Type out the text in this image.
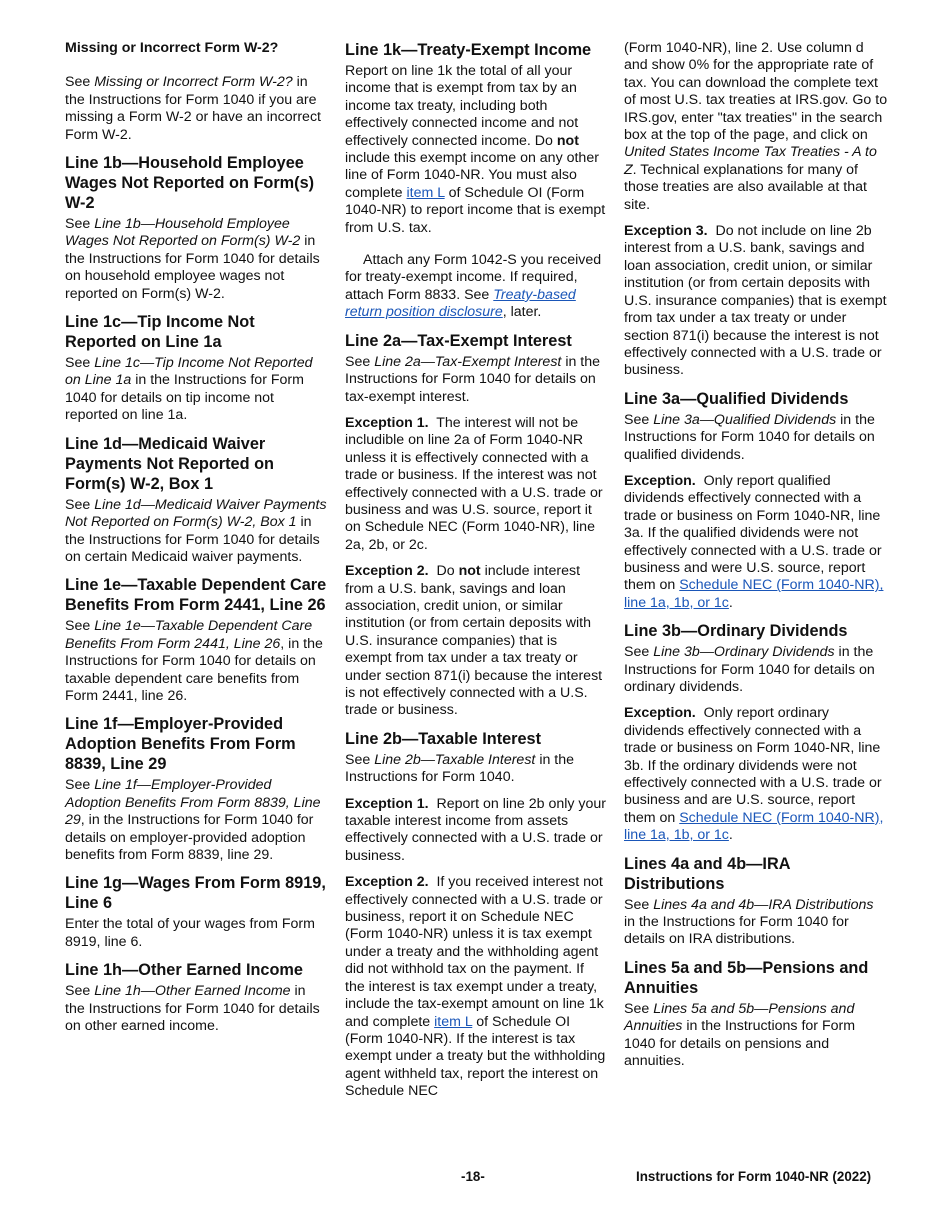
Missing or Incorrect Form W-2?

See Missing or Incorrect Form W-2? in the Instructions for Form 1040 if you are missing a Form W-2 or have an incorrect Form W-2.

Line 1b—Household Employee Wages Not Reported on Form(s) W-2

See Line 1b—Household Employee Wages Not Reported on Form(s) W-2 in the Instructions for Form 1040 for details on household employee wages not reported on Form(s) W-2.

Line 1c—Tip Income Not Reported on Line 1a

See Line 1c—Tip Income Not Reported on Line 1a in the Instructions for Form 1040 for details on tip income not reported on line 1a.

Line 1d—Medicaid Waiver Payments Not Reported on Form(s) W-2, Box 1

See Line 1d—Medicaid Waiver Payments Not Reported on Form(s) W-2, Box 1 in the Instructions for Form 1040 for details on certain Medicaid waiver payments.

Line 1e—Taxable Dependent Care Benefits From Form 2441, Line 26

See Line 1e—Taxable Dependent Care Benefits From Form 2441, Line 26, in the Instructions for Form 1040 for details on taxable dependent care benefits from Form 2441, line 26.

Line 1f—Employer-Provided Adoption Benefits From Form 8839, Line 29

See Line 1f—Employer-Provided Adoption Benefits From Form 8839, Line 29, in the Instructions for Form 1040 for details on employer-provided adoption benefits from Form 8839, line 29.

Line 1g—Wages From Form 8919, Line 6

Enter the total of your wages from Form 8919, line 6.

Line 1h—Other Earned Income

See Line 1h—Other Earned Income in the Instructions for Form 1040 for details on other earned income.

Line 1k—Treaty-Exempt Income

Report on line 1k the total of all your income that is exempt from tax by an income tax treaty, including both effectively connected income and not effectively connected income. Do not include this exempt income on any other line of Form 1040-NR. You must also complete item L of Schedule OI (Form 1040-NR) to report income that is exempt from U.S. tax.

Attach any Form 1042-S you received for treaty-exempt income. If required, attach Form 8833. See Treaty-based return position disclosure, later.

Line 2a—Tax-Exempt Interest

See Line 2a—Tax-Exempt Interest in the Instructions for Form 1040 for details on tax-exempt interest.

Exception 1. The interest will not be includible on line 2a of Form 1040-NR unless it is effectively connected with a trade or business. If the interest was not effectively connected with a U.S. trade or business and was U.S. source, report it on Schedule NEC (Form 1040-NR), line 2a, 2b, or 2c.

Exception 2. Do not include interest from a U.S. bank, savings and loan association, credit union, or similar institution (or from certain deposits with U.S. insurance companies) that is exempt from tax under a tax treaty or under section 871(i) because the interest is not effectively connected with a U.S. trade or business.

Line 2b—Taxable Interest

See Line 2b—Taxable Interest in the Instructions for Form 1040.

Exception 1. Report on line 2b only your taxable interest income from assets effectively connected with a U.S. trade or business.

Exception 2. If you received interest not effectively connected with a U.S. trade or business, report it on Schedule NEC (Form 1040-NR) unless it is tax exempt under a treaty and the withholding agent did not withhold tax on the payment. If the interest is tax exempt under a treaty, include the tax-exempt amount on line 1k and complete item L of Schedule OI (Form 1040-NR). If the interest is tax exempt under a treaty but the withholding agent withheld tax, report the interest on Schedule NEC

(Form 1040-NR), line 2. Use column d and show 0% for the appropriate rate of tax. You can download the complete text of most U.S. tax treaties at IRS.gov. Go to IRS.gov, enter "tax treaties" in the search box at the top of the page, and click on United States Income Tax Treaties - A to Z. Technical explanations for many of those treaties are also available at that site.

Exception 3. Do not include on line 2b interest from a U.S. bank, savings and loan association, credit union, or similar institution (or from certain deposits with U.S. insurance companies) that is exempt from tax under a tax treaty or under section 871(i) because the interest is not effectively connected with a U.S. trade or business.

Line 3a—Qualified Dividends

See Line 3a—Qualified Dividends in the Instructions for Form 1040 for details on qualified dividends.

Exception. Only report qualified dividends effectively connected with a trade or business on Form 1040-NR, line 3a. If the qualified dividends were not effectively connected with a U.S. trade or business and were U.S. source, report them on Schedule NEC (Form 1040-NR), line 1a, 1b, or 1c.

Line 3b—Ordinary Dividends

See Line 3b—Ordinary Dividends in the Instructions for Form 1040 for details on ordinary dividends.

Exception. Only report ordinary dividends effectively connected with a trade or business on Form 1040-NR, line 3b. If the ordinary dividends were not effectively connected with a U.S. trade or business and are U.S. source, report them on Schedule NEC (Form 1040-NR), line 1a, 1b, or 1c.

Lines 4a and 4b—IRA Distributions

See Lines 4a and 4b—IRA Distributions in the Instructions for Form 1040 for details on IRA distributions.

Lines 5a and 5b—Pensions and Annuities

See Lines 5a and 5b—Pensions and Annuities in the Instructions for Form 1040 for details on pensions and annuities.

-18-	Instructions for Form 1040-NR (2022)
